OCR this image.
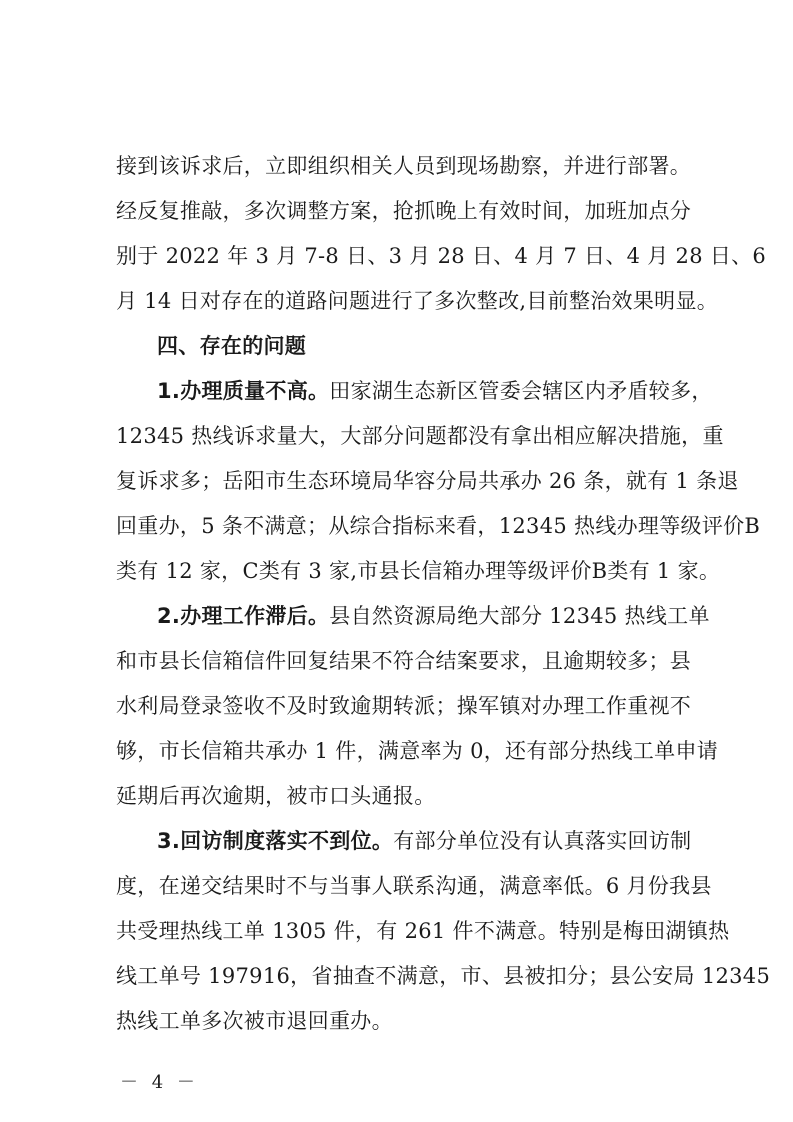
接到该诉求后，立即组织相关人员到现场勘察，并进行部署。
经反复推敲，多次调整方案，抢抓晚上有效时间，加班加点分
别于 2022 年 3 月 7-8 日、3 月 28 日、4 月 7 日、4 月 28 日、6
月 14 日对存在的道路问题进行了多次整改,目前整治效果明显。
四、存在的问题
1.办理质量不高。田家湖生态新区管委会辖区内矛盾较多，
12345 热线诉求量大，大部分问题都没有拿出相应解决措施，重
复诉求多；岳阳市生态环境局华容分局共承办 26 条，就有 1 条退
回重办，5 条不满意；从综合指标来看，12345 热线办理等级评价B
类有 12 家，C类有 3 家,市县长信箱办理等级评价B类有 1 家。
2.办理工作滞后。县自然资源局绝大部分 12345 热线工单
和市县长信箱信件回复结果不符合结案要求，且逾期较多；县
水利局登录签收不及时致逾期转派；操军镇对办理工作重视不
够，市长信箱共承办 1 件，满意率为 0，还有部分热线工单申请
延期后再次逾期，被市口头通报。
3.回访制度落实不到位。有部分单位没有认真落实回访制
度，在递交结果时不与当事人联系沟通，满意率低。6 月份我县
共受理热线工单 1305 件，有 261 件不满意。特别是梅田湖镇热
线工单号 197916，省抽查不满意，市、县被扣分；县公安局 12345
热线工单多次被市退回重办。
－ 4 －
